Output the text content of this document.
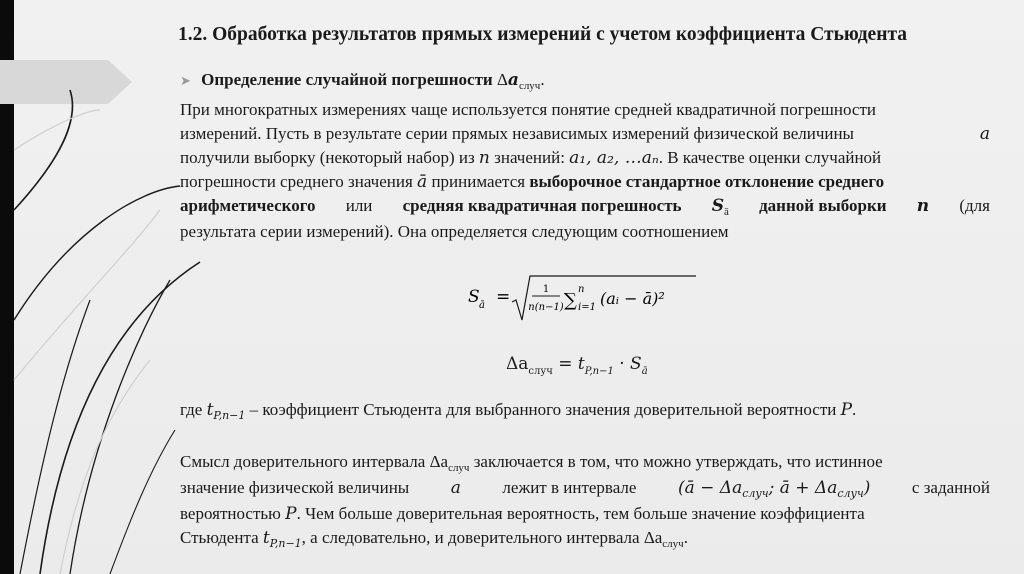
1.2. Обработка результатов прямых измерений с учетом коэффициента Стьюдента
➤ Определение случайной погрешности $\Delta a_{случ}$.
При многократных измерениях чаще используется понятие средней квадратичной погрешности
измерений. Пусть в результате серии прямых независимых измерений физической величины	a
получили выборку (некоторый набор) из n значений: a₁, a₂, …aₙ. В качестве оценки случайной
погрешности среднего значения ā принимается выборочное стандартное отклонение среднего
арифметического или средняя квадратичная погрешность $S_ā$ данной выборки n (для
результата серии измерений). Она определяется следующим соотношением
S ā =	1
n(n−1) ∑
n
i=1 (aᵢ − ā)²
$\Delta a_{случ} = t_{P,n-1} \cdot S_ā$
где $t_{P,n-1}$ – коэффициент Стьюдента для выбранного значения доверительной вероятности P.
Смысл доверительного интервала $\Delta a_{случ}$ заключается в том, что можно утверждать, что истинное
значение физической величины a лежит в интервале (ā − $\Delta a_{случ}$; ā + $\Delta a_{случ}$) с заданной
вероятностью P. Чем больше доверительная вероятность, тем больше значение коэффициента
Стьюдента $t_{P,n-1}$, а следовательно, и доверительного интервала $\Delta a_{случ}$.
